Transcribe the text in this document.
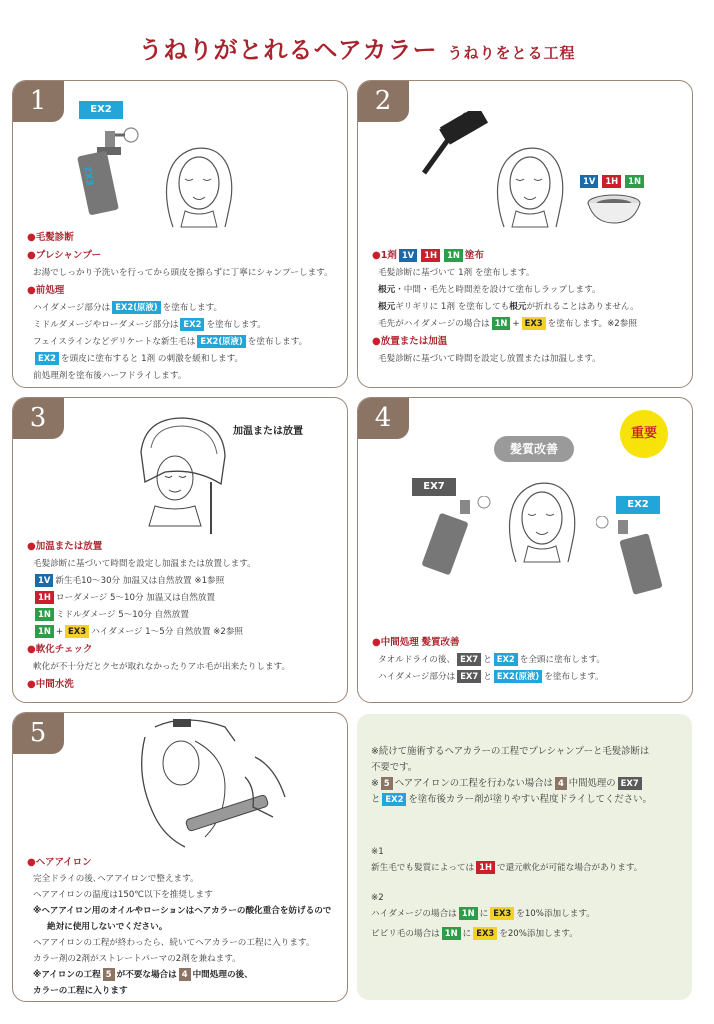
うねりがとれるヘアカラー うねりをとる工程
1	EX2
EX2

●毛髪診断

●プレシャンプー

お湯でしっかり予洗いを行ってから頭皮を擦らずに丁寧にシャンプーします。

●前処理

ハイダメージ部分は EX2(原液) を塗布します。

ミドルダメージやローダメージ部分は EX2 を塗布します。

フェイスラインなどデリケートな新生毛は EX2(原液) を塗布します。

EX2 を頭皮に塗布すると 1剤 の刺激を緩和します。

前処理剤を塗布後ハーフドライします。

2
1V 1H 1N

●1剤 1V 1H 1N 塗布

毛髪診断に基づいて 1剤 を塗布します。

根元・中間・毛先と時間差を設けて塗布しラップします。

根元ギリギリに 1剤 を塗布しても根元が折れることはありません。

毛先がハイダメージの場合は 1N + EX3 を塗布します。※2参照

●放置または加温

毛髪診断に基づいて時間を設定し放置または加温します。

3	加温または放置

●加温または放置

毛髪診断に基づいて時間を設定し加温または放置します。

1V 新生毛10〜30分 加温又は自然放置 ※1参照

1H ローダメージ 5〜10分 加温又は自然放置

1N ミドルダメージ 5〜10分 自然放置

1N + EX3 ハイダメージ 1〜5分 自然放置 ※2参照

●軟化チェック

軟化が不十分だとクセが取れなかったりアホ毛が出来たりします。

●中間水洗

4
重要
髪質改善
EX7
EX2

●中間処理 髪質改善

タオルドライの後、 EX7 と EX2 を全頭に塗布します。

ハイダメージ部分は EX7 と EX2(原液) を塗布します。

5

●ヘアアイロン

完全ドライの後､ヘアアイロンで整えます。

ヘアアイロンの温度は150℃以下を推奨します

※ヘアアイロン用のオイルやローションはヘアカラーの酸化重合を妨げるので

絶対に使用しないでください。

ヘアアイロンの工程が終わったら、続いてヘアカラーの工程に入ります。

カラー剤の2剤がストレートパーマの2剤を兼ねます。

※アイロンの工程 5 が不要な場合は 4 中間処理の後、

カラーの工程に入ります

※続けて施術するヘアカラーの工程でプレシャンプーと毛髪診断は

不要です。

※ 5 ヘアアイロンの工程を行わない場合は 4 中間処理の EX7

と EX2 を塗布後カラー剤が塗りやすい程度ドライしてください。

※1

新生毛でも髪質によっては 1H で還元軟化が可能な場合があります。

※2

ハイダメージの場合は 1N に EX3 を10%添加します。

ビビリ毛の場合は 1N に EX3 を20%添加します。
